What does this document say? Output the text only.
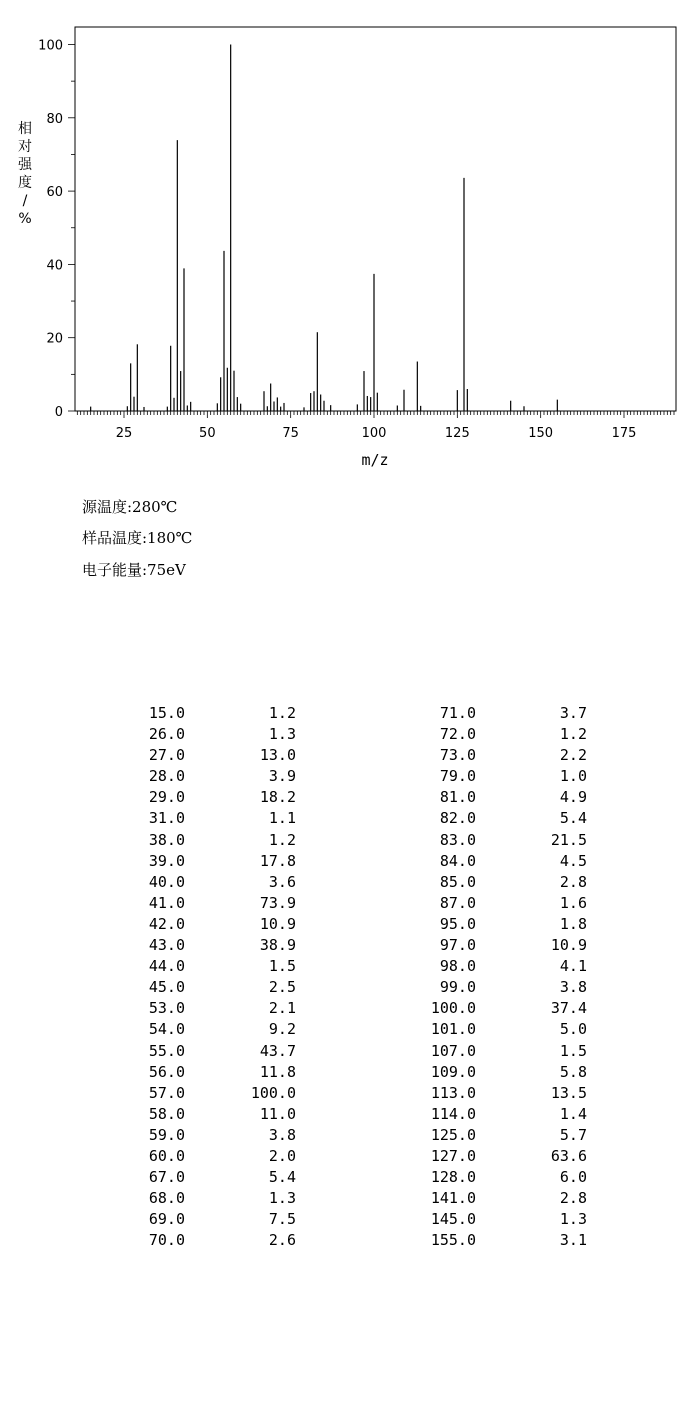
0
20
40
60
80
100
25	50	75	100	125	150	175
m/z
相对强度/ %
源温度:280℃
样品温度:180℃
电子能量:75eV
15.0	1.2	71.0	3.7
26.0	1.3	72.0	1.2
27.0	13.0	73.0	2.2
28.0	3.9	79.0	1.0
29.0	18.2	81.0	4.9
31.0	1.1	82.0	5.4
38.0	1.2	83.0	21.5
39.0	17.8	84.0	4.5
40.0	3.6	85.0	2.8
41.0	73.9	87.0	1.6
42.0	10.9	95.0	1.8
43.0	38.9	97.0	10.9
44.0	1.5	98.0	4.1
45.0	2.5	99.0	3.8
53.0	2.1	100.0	37.4
54.0	9.2	101.0	5.0
55.0	43.7	107.0	1.5
56.0	11.8	109.0	5.8
57.0	100.0	113.0	13.5
58.0	11.0	114.0	1.4
59.0	3.8	125.0	5.7
60.0	2.0	127.0	63.6
67.0	5.4	128.0	6.0
68.0	1.3	141.0	2.8
69.0	7.5	145.0	1.3
70.0	2.6	155.0	3.1
